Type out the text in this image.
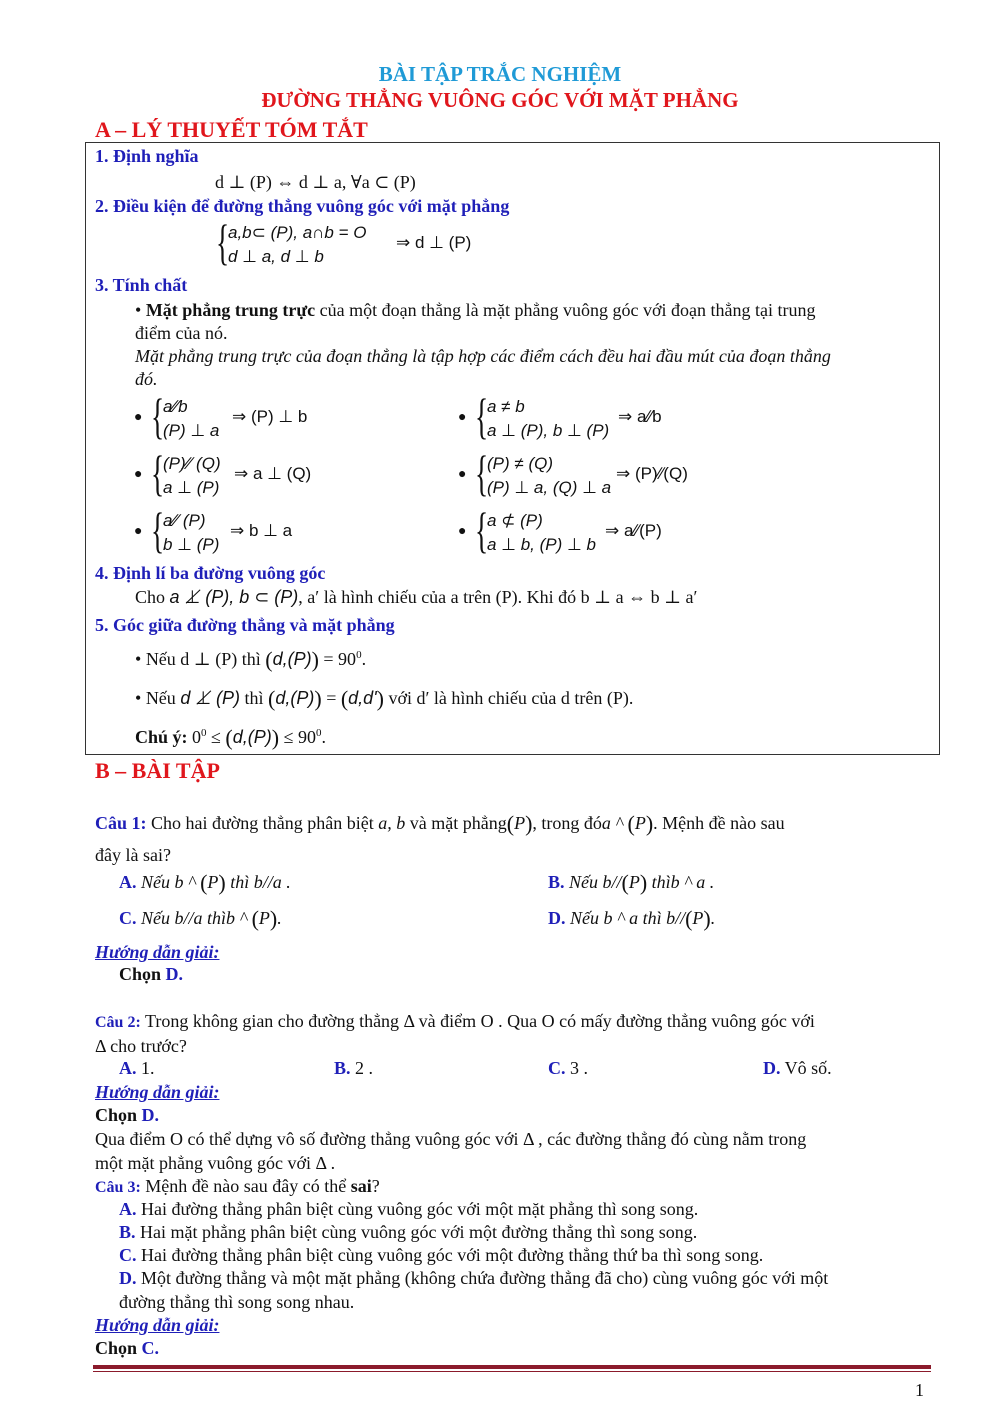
BÀI TẬP TRẮC NGHIỆM
ĐƯỜNG THẲNG VUÔNG GÓC VỚI MẶT PHẲNG
A – LÝ THUYẾT TÓM TẮT
1. Định nghĩa
d ⊥ (P) ⇔ d ⊥ a, ∀a ⊂ (P)
2. Điều kiện để đường thẳng vuông góc với mặt phẳng
{
a,b⊂ (P), a∩b = O
d ⊥ a, d ⊥ b
⇒ d ⊥ (P)
3. Tính chất
• Mặt phẳng trung trực của một đoạn thẳng là mặt phẳng vuông góc với đoạn thẳng tại trung
điểm của nó.
Mặt phẳng trung trực của đoạn thẳng là tập hợp các điểm cách đều hai đầu mút của đoạn thẳng
đó.
● {
a∕∕b
(P) ⊥ a
⇒ (P) ⊥ b	● {
a ≠ b
a ⊥ (P), b ⊥ (P)
⇒ a∕∕b
● {
(P)∕∕ (Q)
a ⊥ (P)
⇒ a ⊥ (Q)	● {
(P) ≠ (Q)
(P) ⊥ a, (Q) ⊥ a
⇒ (P)∕∕(Q)
● {
a∕∕ (P)
b ⊥ (P)
⇒ b ⊥ a	● {
a ⊄ (P)
a ⊥ b, (P) ⊥ b
⇒ a∕∕(P)
4. Định lí ba đường vuông góc
Cho a ⊥̸ (P), b ⊂ (P), a′ là hình chiếu của a trên (P). Khi đó b ⊥ a ⇔ b ⊥ a′
5. Góc giữa đường thẳng và mặt phẳng
• Nếu d ⊥ (P) thì $(d,(P)) = 90^0$.
• Nếu d ⊥̸ (P) thì (d,(P)) = (d,d') với d′ là hình chiếu của d trên (P).
Chú ý: $0^0 \le (d,(P)) \le 90^0$.
B – BÀI TẬP
Câu 1: Cho hai đường thẳng phân biệt a, b và mặt phẳng(P), trong đóa ^ (P). Mệnh đề nào sau
đây là sai?
A. Nếu b ^ (P) thì b//a .	B. Nếu b//(P) thìb ^ a .
C. Nếu b//a thìb ^ (P).	D. Nếu b ^ a thì b//(P).
Hướng dẫn giải:
Chọn D.
Câu 2: Trong không gian cho đường thẳng Δ và điểm O . Qua O có mấy đường thẳng vuông góc với
Δ cho trước?
A. 1.	B. 2 .	C. 3 .	D. Vô số.
Hướng dẫn giải:
Chọn D.
Qua điểm O có thể dựng vô số đường thẳng vuông góc với Δ , các đường thẳng đó cùng nằm trong
một mặt phẳng vuông góc với Δ .
Câu 3: Mệnh đề nào sau đây có thể sai?
A. Hai đường thẳng phân biệt cùng vuông góc với một mặt phẳng thì song song.
B. Hai mặt phẳng phân biệt cùng vuông góc với một đường thẳng thì song song.
C. Hai đường thẳng phân biệt cùng vuông góc với một đường thẳng thứ ba thì song song.
D. Một đường thẳng và một mặt phẳng (không chứa đường thẳng đã cho) cùng vuông góc với một
đường thẳng thì song song nhau.
Hướng dẫn giải:
Chọn C.
1
